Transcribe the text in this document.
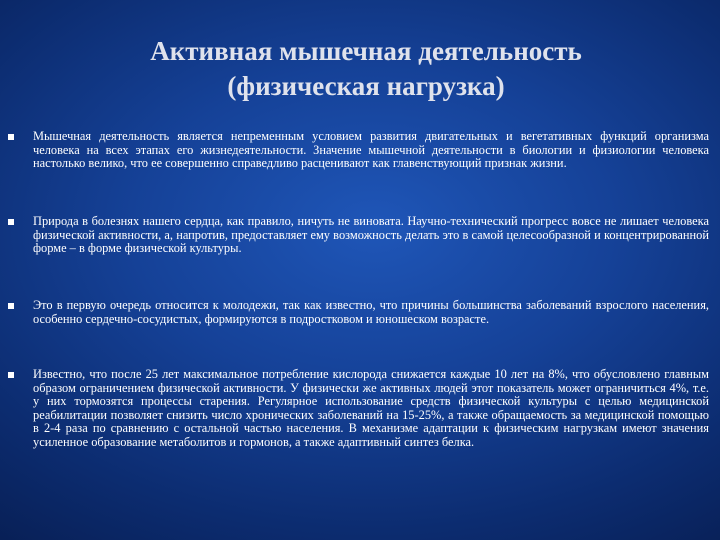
Активная мышечная деятельность
(физическая нагрузка)

Мышечная деятельность является непременным условием развития двигательных и вегетативных функций организма человека на всех этапах его жизнедеятельности. Значение мышечной деятельности в биологии и физиологии человека настолько велико, что ее совершенно справедливо расценивают как главенствующий признак жизни.

Природа в болезнях нашего сердца, как правило, ничуть не виновата. Научно-технический прогресс вовсе не лишает человека физической активности, а, напротив, предоставляет ему возможность делать это в самой целесообразной и концентрированной форме – в форме физической культуры.

Это в первую очередь относится к молодежи, так как известно, что причины большинства заболеваний взрослого населения, особенно сердечно-сосудистых, формируются в подростковом и юношеском возрасте.

Известно, что после 25 лет максимальное потребление кислорода снижается каждые 10 лет на 8%, что обусловлено главным образом ограничением физической активности. У физически же активных людей этот показатель может ограничиться 4%, т.е. у них тормозятся процессы старения. Регулярное использование средств физической культуры с целью медицинской реабилитации позволяет снизить число хронических заболеваний на 15-25%, а также обращаемость за медицинской помощью в 2-4 раза по сравнению с остальной частью населения. В механизме адаптации к физическим нагрузкам имеют значения усиленное образование метаболитов и гормонов, а также адаптивный синтез белка.
